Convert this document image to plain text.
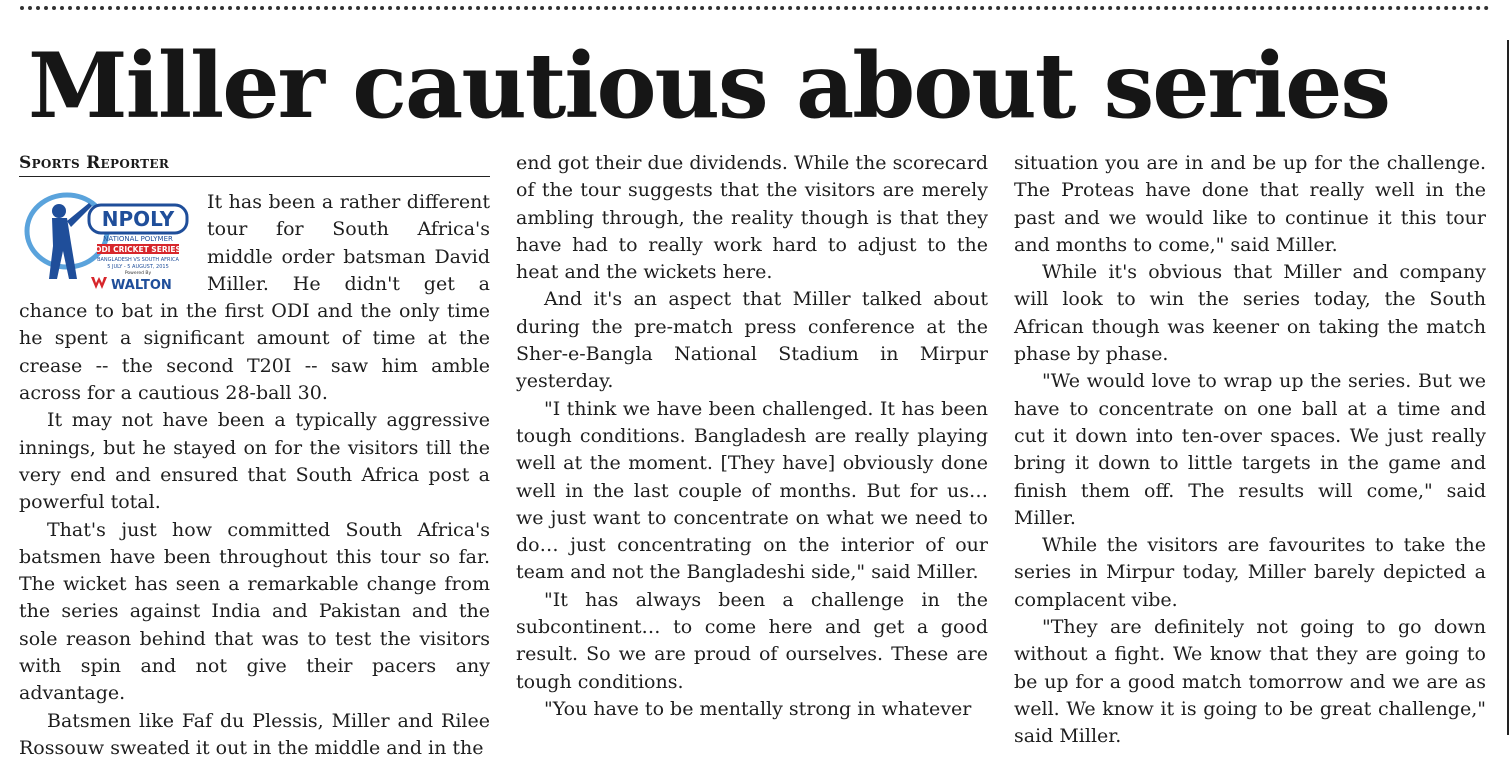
Miller cautious about series
Sports Reporter
NPOLY
NATIONAL POLYMER
ODI CRICKET SERIES
BANGLADESH VS SOUTH AFRICA
5 JULY - 5 AUGUST, 2015
Powered By
WALTON

It has been a rather different tour for South Africa's middle order batsman David Miller. He didn't get a chance to bat in the first ODI and the only time he spent a significant amount of time at the crease -- the second T20I -- saw him amble across for a cautious 28-ball 30.

It may not have been a typically aggressive innings, but he stayed on for the visitors till the very end and ensured that South Africa post a powerful total.

That's just how committed South Africa's batsmen have been throughout this tour so far. The wicket has seen a remarkable change from the series against India and Pakistan and the sole reason behind that was to test the visitors with spin and not give their pacers any advantage.

Batsmen like Faf du Plessis, Miller and Rilee Rossouw sweated it out in the middle and in the

end got their due dividends. While the scorecard of the tour suggests that the visitors are merely ambling through, the reality though is that they have had to really work hard to adjust to the heat and the wickets here.

And it's an aspect that Miller talked about during the pre-match press conference at the Sher-e-Bangla National Stadium in Mirpur yesterday.

"I think we have been challenged. It has been tough conditions. Bangladesh are really playing well at the moment. [They have] obviously done well in the last couple of months. But for us… we just want to concentrate on what we need to do… just concentrating on the interior of our team and not the Bangladeshi side," said Miller.

"It has always been a challenge in the subcontinent… to come here and get a good result. So we are proud of ourselves. These are tough conditions.

"You have to be mentally strong in whatever

situation you are in and be up for the challenge. The Proteas have done that really well in the past and we would like to continue it this tour and months to come," said Miller.

While it's obvious that Miller and company will look to win the series today, the South African though was keener on taking the match phase by phase.

"We would love to wrap up the series. But we have to concentrate on one ball at a time and cut it down into ten-over spaces. We just really bring it down to little targets in the game and finish them off. The results will come," said Miller.

While the visitors are favourites to take the series in Mirpur today, Miller barely depicted a complacent vibe.

"They are definitely not going to go down without a fight. We know that they are going to be up for a good match tomorrow and we are as well. We know it is going to be great challenge," said Miller.
